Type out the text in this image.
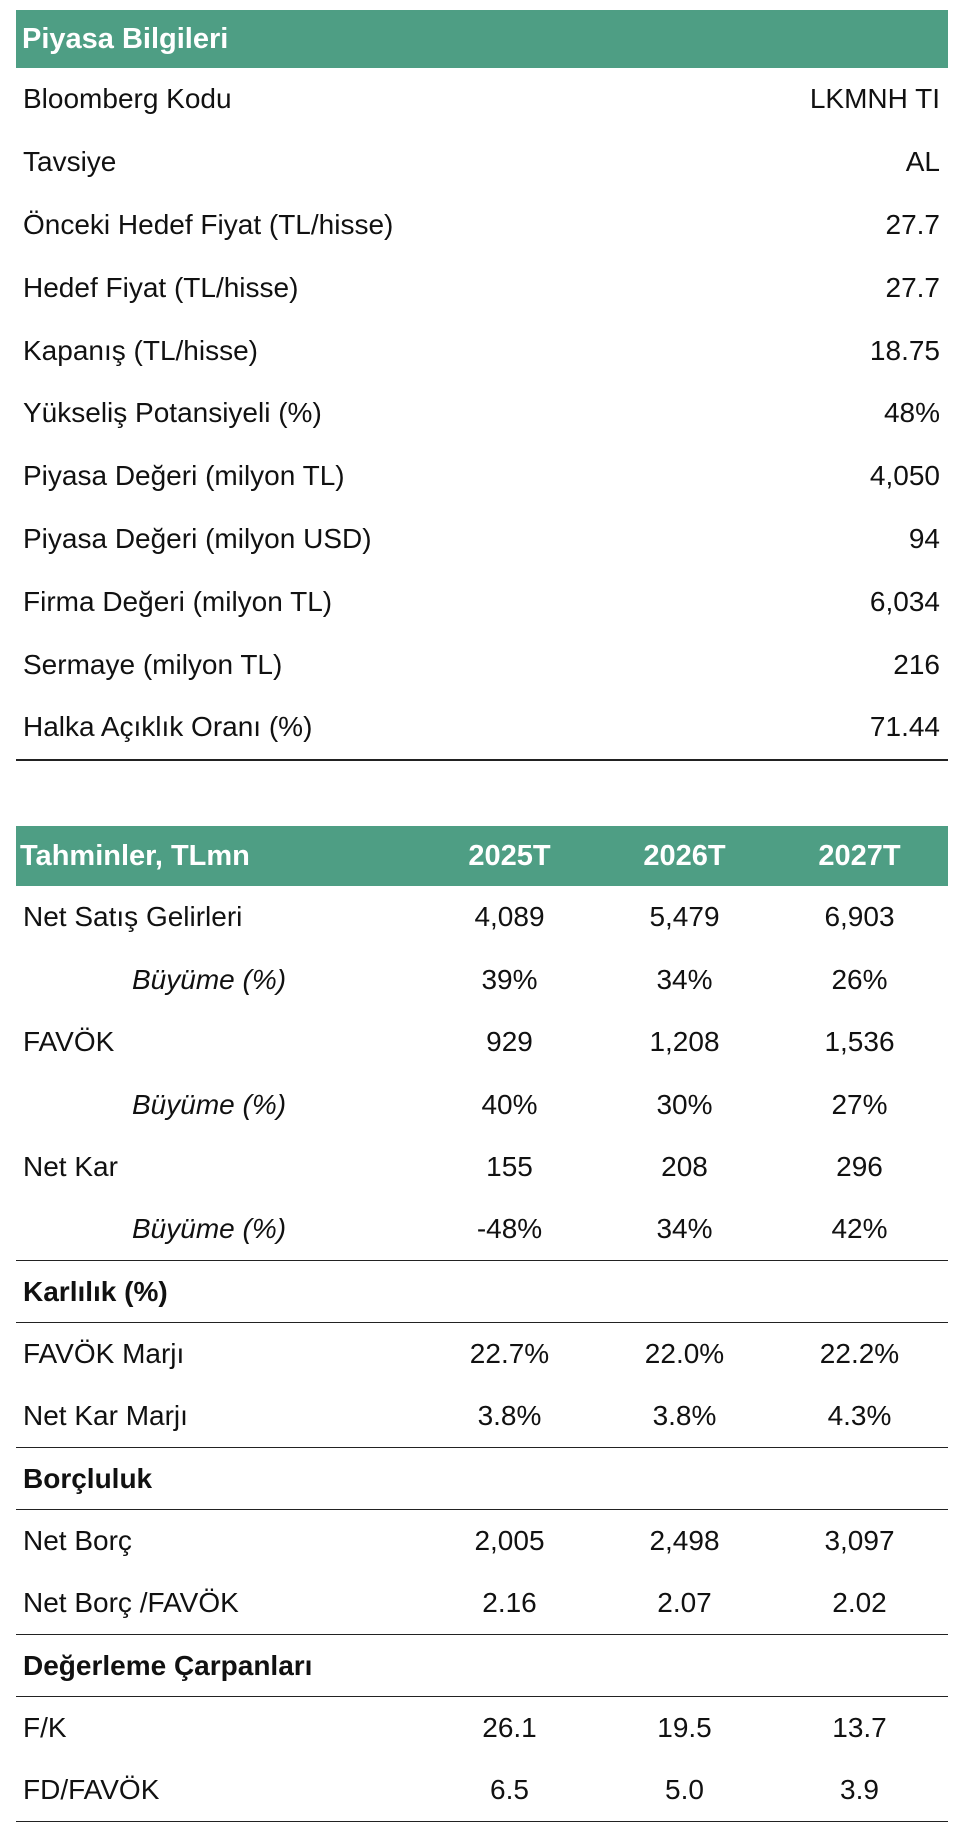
Piyasa Bilgileri
Bloomberg Kodu	LKMNH TI
Tavsiye	AL
Önceki Hedef Fiyat (TL/hisse)	27.7
Hedef Fiyat (TL/hisse)	27.7
Kapanış (TL/hisse)	18.75
Yükseliş Potansiyeli (%)	48%
Piyasa Değeri (milyon TL)	4,050
Piyasa Değeri (milyon USD)	94
Firma Değeri (milyon TL)	6,034
Sermaye (milyon TL)	216
Halka Açıklık Oranı (%)	71.44
Tahminler, TLmn	2025T	2026T	2027T
Net Satış Gelirleri	4,089	5,479	6,903
Büyüme (%)	39%	34%	26%
FAVÖK	929	1,208	1,536
Büyüme (%)	40%	30%	27%
Net Kar	155	208	296
Büyüme (%)	-48%	34%	42%
Karlılık (%)
FAVÖK Marjı	22.7%	22.0%	22.2%
Net Kar Marjı	3.8%	3.8%	4.3%
Borçluluk
Net Borç	2,005	2,498	3,097
Net Borç /FAVÖK	2.16	2.07	2.02
Değerleme Çarpanları
F/K	26.1	19.5	13.7
FD/FAVÖK	6.5	5.0	3.9
